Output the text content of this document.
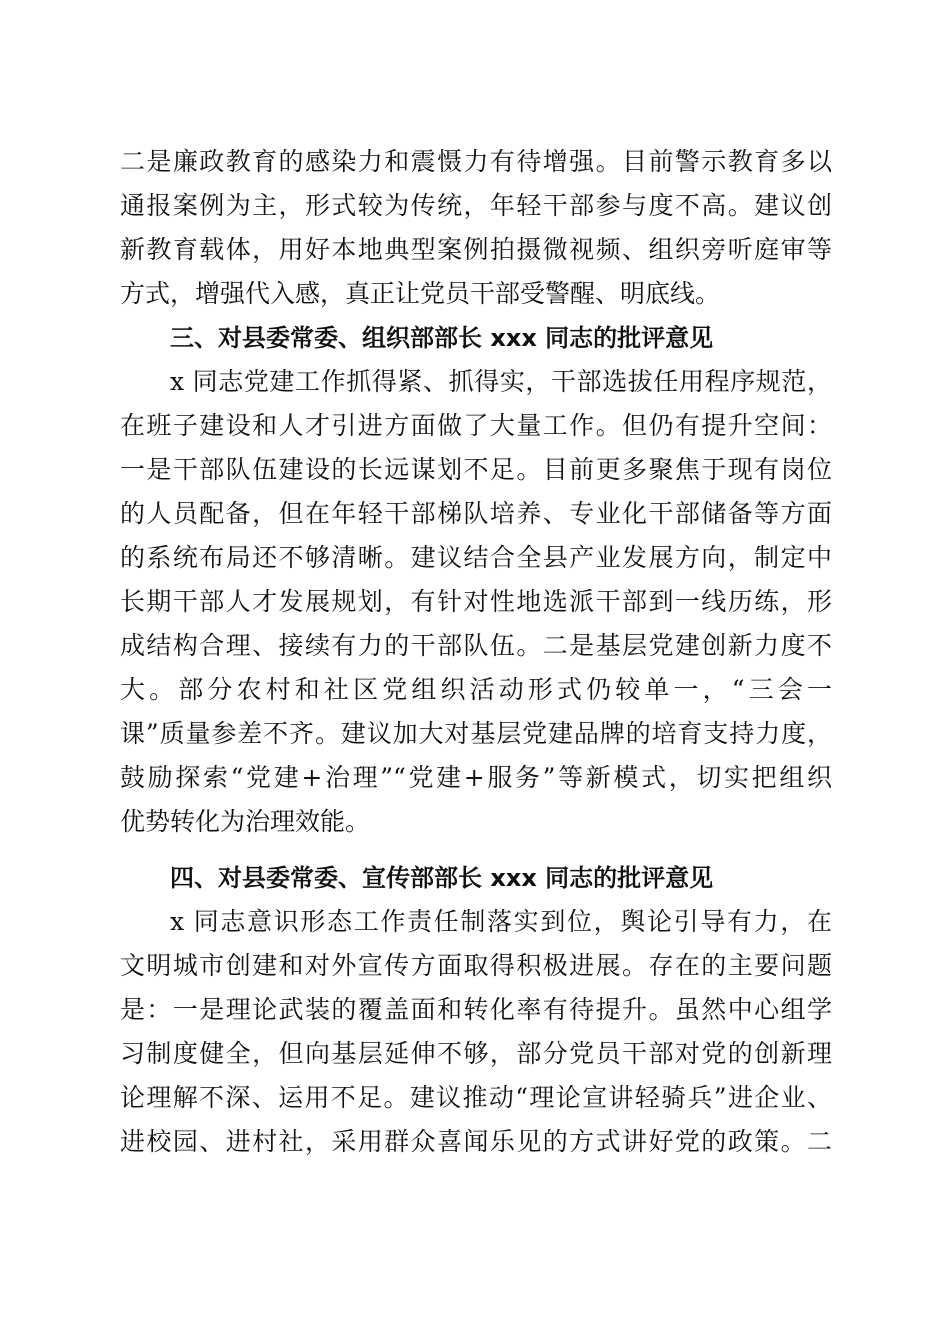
二是廉政教育的感染力和震慑力有待增强。目前警示教育多以
通报案例为主，形式较为传统，年轻干部参与度不高。建议创
新教育载体，用好本地典型案例拍摄微视频、组织旁听庭审等
方式，增强代入感，真正让党员干部受警醒、明底线。
三、对县委常委、组织部部长 xxx 同志的批评意见
x 同志党建工作抓得紧、抓得实，干部选拔任用程序规范，
在班子建设和人才引进方面做了大量工作。但仍有提升空间：
一是干部队伍建设的长远谋划不足。目前更多聚焦于现有岗位
的人员配备，但在年轻干部梯队培养、专业化干部储备等方面
的系统布局还不够清晰。建议结合全县产业发展方向，制定中
长期干部人才发展规划，有针对性地选派干部到一线历练，形
成结构合理、接续有力的干部队伍。二是基层党建创新力度不
大。部分农村和社区党组织活动形式仍较单一，“三会一
课”质量参差不齐。建议加大对基层党建品牌的培育支持力度，
鼓励探索“党建+治理”“党建+服务”等新模式，切实把组织
优势转化为治理效能。
四、对县委常委、宣传部部长 xxx 同志的批评意见
x 同志意识形态工作责任制落实到位，舆论引导有力，在
文明城市创建和对外宣传方面取得积极进展。存在的主要问题
是：一是理论武装的覆盖面和转化率有待提升。虽然中心组学
习制度健全，但向基层延伸不够，部分党员干部对党的创新理
论理解不深、运用不足。建议推动“理论宣讲轻骑兵”进企业、
进校园、进村社，采用群众喜闻乐见的方式讲好党的政策。二
